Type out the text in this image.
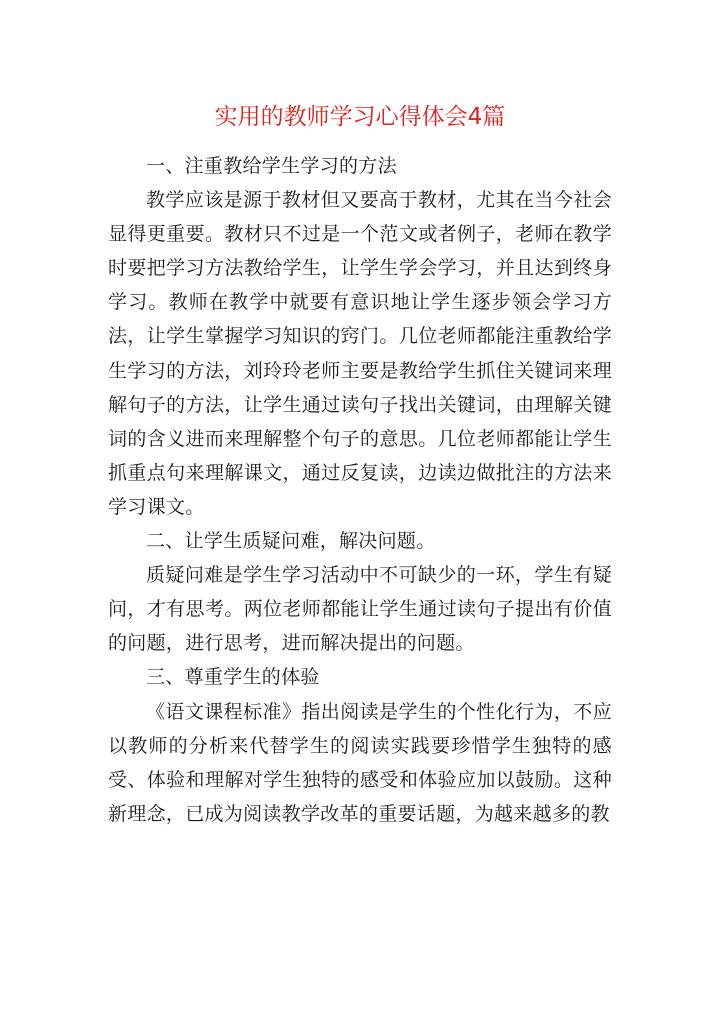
实用的教师学习心得体会4篇

一、注重教给学生学习的方法

教学应该是源于教材但又要高于教材，尤其在当今社会显得更重要。教材只不过是一个范文或者例子，老师在教学时要把学习方法教给学生，让学生学会学习，并且达到终身学习。教师在教学中就要有意识地让学生逐步领会学习方法，让学生掌握学习知识的窍门。几位老师都能注重教给学生学习的方法，刘玲玲老师主要是教给学生抓住关键词来理解句子的方法，让学生通过读句子找出关键词，由理解关键词的含义进而来理解整个句子的意思。几位老师都能让学生抓重点句来理解课文，通过反复读，边读边做批注的方法来学习课文。

二、让学生质疑问难，解决问题。

质疑问难是学生学习活动中不可缺少的一环，学生有疑问，才有思考。两位老师都能让学生通过读句子提出有价值的问题，进行思考，进而解决提出的问题。

三、尊重学生的体验

《语文课程标准》指出阅读是学生的个性化行为，不应以教师的分析来代替学生的阅读实践要珍惜学生独特的感受、体验和理解对学生独特的感受和体验应加以鼓励。这种新理念，已成为阅读教学改革的重要话题，为越来越多的教
